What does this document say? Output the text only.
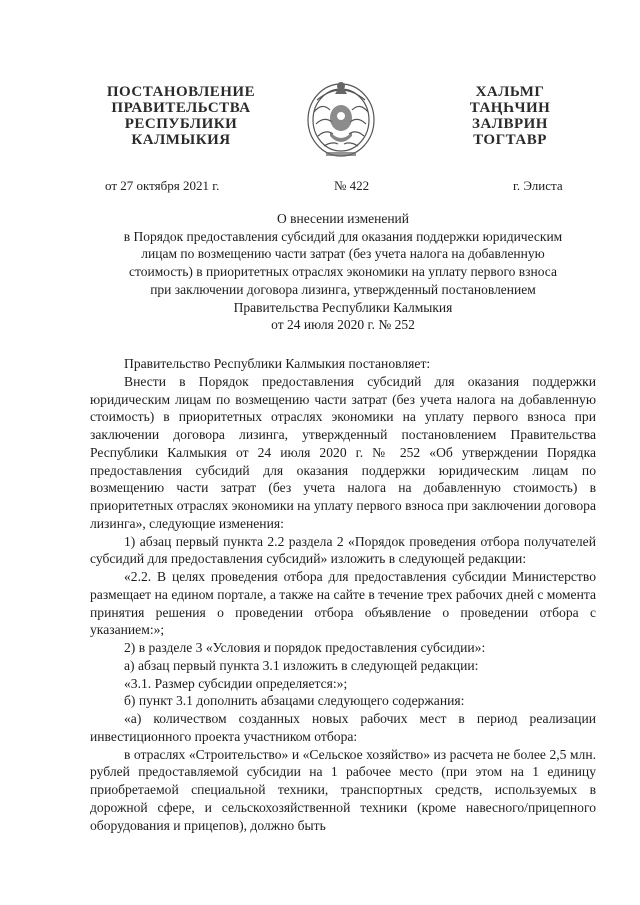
ПОСТАНОВЛЕНИЕ
ПРАВИТЕЛЬСТВА
РЕСПУБЛИКИ
КАЛМЫКИЯ
ХАЛЬМГ
ТАҢҺЧИН
ЗАЛВРИН
ТОГТАВР
от 27 октября 2021 г.	№ 422	г. Элиста
О внесении изменений
в Порядок предоставления субсидий для оказания поддержки юридическим
лицам по возмещению части затрат (без учета налога на добавленную
стоимость) в приоритетных отраслях экономики на уплату первого взноса
при заключении договора лизинга, утвержденный постановлением
Правительства Республики Калмыкия
от 24 июля 2020 г. № 252

Правительство Республики Калмыкия постановляет:

Внести в Порядок предоставления субсидий для оказания поддержки юридическим лицам по возмещению части затрат (без учета налога на добавленную стоимость) в приоритетных отраслях экономики на уплату первого взноса при заключении договора лизинга, утвержденный постановлением Правительства Республики Калмыкия от 24 июля 2020 г. № 252 «Об утверждении Порядка предоставления субсидий для оказания поддержки юридическим лицам по возмещению части затрат (без учета налога на добавленную стоимость) в приоритетных отраслях экономики на уплату первого взноса при заключении договора лизинга», следующие изменения:

1) абзац первый пункта 2.2 раздела 2 «Порядок проведения отбора получателей субсидий для предоставления субсидий» изложить в следующей редакции:

«2.2. В целях проведения отбора для предоставления субсидии Министерство размещает на едином портале, а также на сайте в течение трех рабочих дней с момента принятия решения о проведении отбора объявление о проведении отбора с указанием:»;

2) в разделе 3 «Условия и порядок предоставления субсидии»:

а) абзац первый пункта 3.1 изложить в следующей редакции:

«3.1. Размер субсидии определяется:»;

б) пункт 3.1 дополнить абзацами следующего содержания:

«а) количеством созданных новых рабочих мест в период реализации инвестиционного проекта участником отбора:

в отраслях «Строительство» и «Сельское хозяйство» из расчета не более 2,5 млн. рублей предоставляемой субсидии на 1 рабочее место (при этом на 1 единицу приобретаемой специальной техники, транспортных средств, используемых в дорожной сфере, и сельскохозяйственной техники (кроме навесного/прицепного оборудования и прицепов), должно быть
